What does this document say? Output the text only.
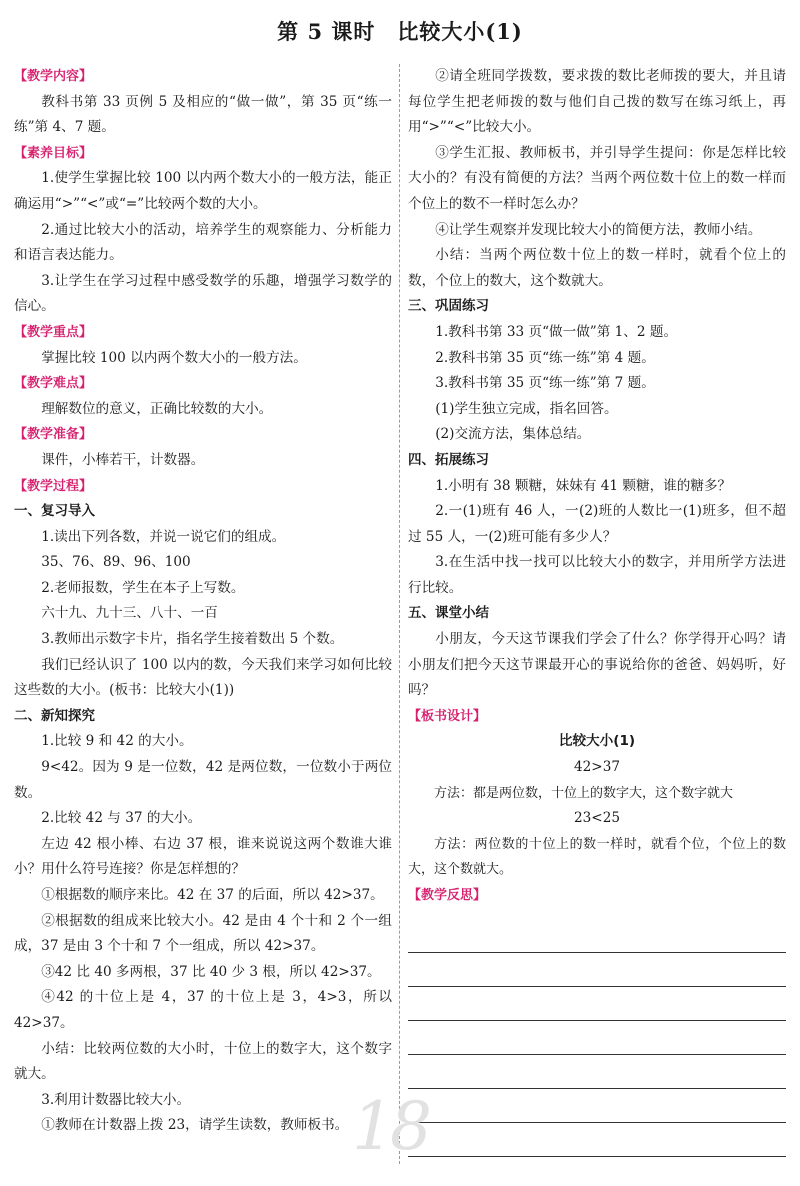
第 5 课时　比较大小(1)

【教学内容】

教科书第 33 页例 5 及相应的“做一做”，第 35 页“练一练”第 4、7 题。

【素养目标】

1.使学生掌握比较 100 以内两个数大小的一般方法，能正确运用“>”“<”或“=”比较两个数的大小。

2.通过比较大小的活动，培养学生的观察能力、分析能力和语言表达能力。

3.让学生在学习过程中感受数学的乐趣，增强学习数学的信心。

【教学重点】

掌握比较 100 以内两个数大小的一般方法。

【教学难点】

理解数位的意义，正确比较数的大小。

【教学准备】

课件，小棒若干，计数器。

【教学过程】

一、复习导入

1.读出下列各数，并说一说它们的组成。

35、76、89、96、100

2.老师报数，学生在本子上写数。

六十九、九十三、八十、一百

3.教师出示数字卡片，指名学生接着数出 5 个数。

我们已经认识了 100 以内的数，今天我们来学习如何比较这些数的大小。(板书：比较大小(1))

二、新知探究

1.比较 9 和 42 的大小。

9<42。因为 9 是一位数，42 是两位数，一位数小于两位数。

2.比较 42 与 37 的大小。

左边 42 根小棒、右边 37 根，谁来说说这两个数谁大谁小？用什么符号连接？你是怎样想的？

①根据数的顺序来比。42 在 37 的后面，所以 42>37。

②根据数的组成来比较大小。42 是由 4 个十和 2 个一组成，37 是由 3 个十和 7 个一组成，所以 42>37。

③42 比 40 多两根，37 比 40 少 3 根，所以 42>37。

④42 的十位上是 4，37 的十位上是 3，4>3，所以 42>37。

小结：比较两位数的大小时，十位上的数字大，这个数字就大。

3.利用计数器比较大小。

①教师在计数器上拨 23，请学生读数，教师板书。

②请全班同学拨数，要求拨的数比老师拨的要大，并且请每位学生把老师拨的数与他们自己拨的数写在练习纸上，再用“>”“<”比较大小。

③学生汇报、教师板书，并引导学生提问：你是怎样比较大小的？有没有简便的方法？当两个两位数十位上的数一样而个位上的数不一样时怎么办？

④让学生观察并发现比较大小的简便方法，教师小结。

小结：当两个两位数十位上的数一样时，就看个位上的数，个位上的数大，这个数就大。

三、巩固练习

1.教科书第 33 页“做一做”第 1、2 题。

2.教科书第 35 页“练一练”第 4 题。

3.教科书第 35 页“练一练”第 7 题。

(1)学生独立完成，指名回答。

(2)交流方法，集体总结。

四、拓展练习

1.小明有 38 颗糖，妹妹有 41 颗糖，谁的糖多？

2.一(1)班有 46 人，一(2)班的人数比一(1)班多，但不超过 55 人，一(2)班可能有多少人？

3.在生活中找一找可以比较大小的数字，并用所学方法进行比较。

五、课堂小结

小朋友，今天这节课我们学会了什么？你学得开心吗？请小朋友们把今天这节课最开心的事说给你的爸爸、妈妈听，好吗？

【板书设计】

比较大小(1)

42>37

方法：都是两位数，十位上的数字大，这个数字就大

23<25

方法：两位数的十位上的数一样时，就看个位，个位上的数大，这个数就大。

【教学反思】

18
